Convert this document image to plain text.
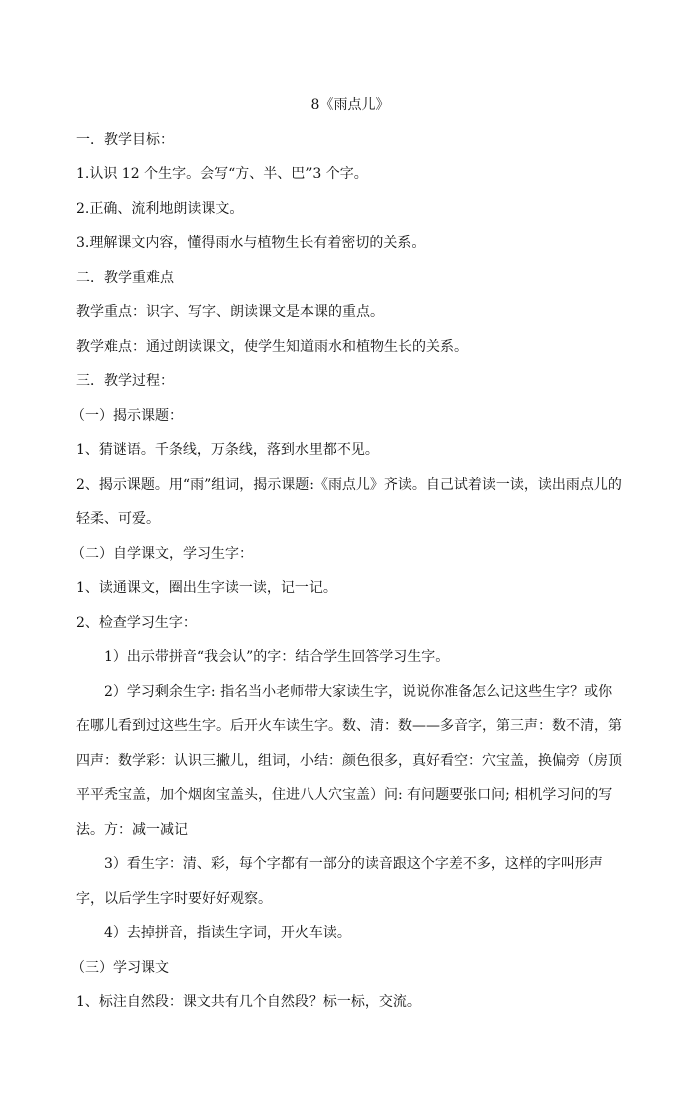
8《雨点儿》

一．教学目标：

1.认识 12 个生字。会写“方、半、巴”3 个字。

2.正确、流利地朗读课文。

3.理解课文内容，懂得雨水与植物生长有着密切的关系。

二．教学重难点

教学重点：识字、写字、朗读课文是本课的重点。

教学难点：通过朗读课文，使学生知道雨水和植物生长的关系。

三．教学过程：

（一）揭示课题：

1、猜谜语。千条线，万条线，落到水里都不见。

2、揭示课题。用“雨”组词，揭示课题:《雨点儿》齐读。自己试着读一读，读出雨点儿的轻柔、可爱。

（二）自学课文，学习生字：

1、读通课文，圈出生字读一读，记一记。

2、检查学习生字：

1）出示带拼音“我会认”的字：结合学生回答学习生字。

2）学习剩余生字: 指名当小老师带大家读生字，说说你准备怎么记这些生字？或你在哪儿看到过这些生字。后开火车读生字。数、清：数——多音字，第三声：数不清，第四声：数学彩：认识三撇儿，组词，小结：颜色很多，真好看空：穴宝盖，换偏旁（房顶平平秃宝盖，加个烟囱宝盖头，住进八人穴宝盖）问: 有问题要张口问; 相机学习问的写法。方：减一减记

3）看生字：清、彩，每个字都有一部分的读音跟这个字差不多，这样的字叫形声字，以后学生字时要好好观察。

4）去掉拼音，指读生字词，开火车读。

（三）学习课文

1、标注自然段：课文共有几个自然段？标一标，交流。
